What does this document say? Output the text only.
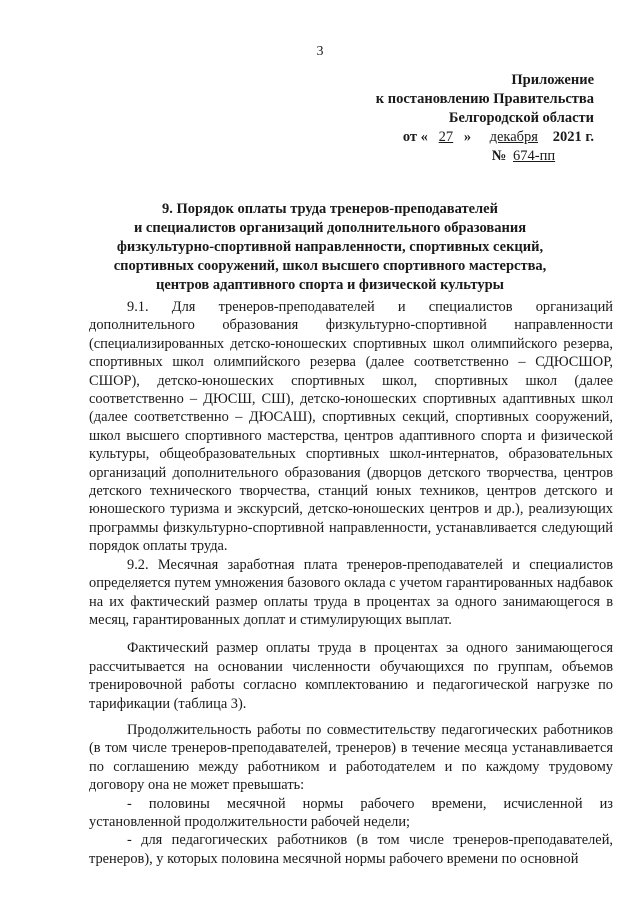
3
Приложение
к постановлению Правительства
Белгородской области
от « 27 » декабря 2021 г.
№ 674-пп
9. Порядок оплаты труда тренеров-преподавателей
и специалистов организаций дополнительного образования
физкультурно-спортивной направленности, спортивных секций,
спортивных сооружений, школ высшего спортивного мастерства,
центров адаптивного спорта и физической культуры

9.1. Для тренеров-преподавателей и специалистов организаций дополнительного образования физкультурно-спортивной направленности (специализированных детско-юношеских спортивных школ олимпийского резерва, спортивных школ олимпийского резерва (далее соответственно – СДЮСШОР, СШОР), детско-юношеских спортивных школ, спортивных школ (далее соответственно – ДЮСШ, СШ), детско-юношеских спортивных адаптивных школ (далее соответственно – ДЮСАШ), спортивных секций, спортивных сооружений, школ высшего спортивного мастерства, центров адаптивного спорта и физической культуры, общеобразовательных спортивных школ-интернатов, образовательных организаций дополнительного образования (дворцов детского творчества, центров детского технического творчества, станций юных техников, центров детского и юношеского туризма и экскурсий, детско-юношеских центров и др.), реализующих программы физкультурно-спортивной направленности, устанавливается следующий порядок оплаты труда.

9.2. Месячная заработная плата тренеров-преподавателей и специалистов определяется путем умножения базового оклада с учетом гарантированных надбавок на их фактический размер оплаты труда в процентах за одного занимающегося в месяц, гарантированных доплат и стимулирующих выплат.

Фактический размер оплаты труда в процентах за одного занимающегося рассчитывается на основании численности обучающихся по группам, объемов тренировочной работы согласно комплектованию и педагогической нагрузке по тарификации (таблица 3).

Продолжительность работы по совместительству педагогических работников (в том числе тренеров-преподавателей, тренеров) в течение месяца устанавливается по соглашению между работником и работодателем и по каждому трудовому договору она не может превышать:

- половины месячной нормы рабочего времени, исчисленной из установленной продолжительности рабочей недели;

- для педагогических работников (в том числе тренеров-преподавателей, тренеров), у которых половина месячной нормы рабочего времени по основной
